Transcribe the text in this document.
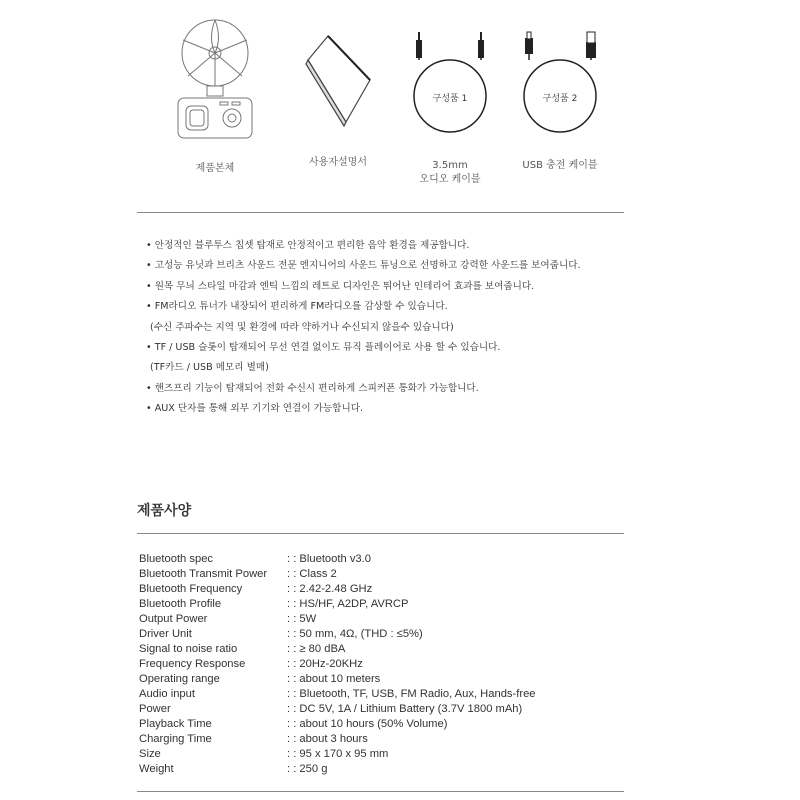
제품본체
사용자설명서
구성품 1
3.5mm
오디오 케이블
구성품 2
USB 충전 케이블
• 안정적인 블루투스 칩셋 탑재로 안정적이고 편리한 음악 환경을 제공합니다.
• 고성능 유닛과 브리츠 사운드 전문 엔지니어의 사운드 튜닝으로 선명하고 강력한 사운드를 보여줍니다.
• 원목 무늬 스타일 마감과 엔틱 느낌의 레트로 디자인은 뛰어난 인테리어 효과를 보여줍니다.
• FM라디오 튜너가 내장되어 편리하게 FM라디오를 감상할 수 있습니다.
(수신 주파수는 지역 및 환경에 따라 약하거나 수신되지 않을수 있습니다)
• TF / USB 슬롯이 탑재되어 무선 연결 없이도 뮤직 플레이어로 사용 할 수 있습니다.
(TF카드 / USB 메모리 별매)
• 핸즈프리 기능이 탑재되어 전화 수신시 편리하게 스피커폰 통화가 가능합니다.
• AUX 단자를 통해 외부 기기와 연결이 가능합니다.
제품사양
Bluetooth spec	: : Bluetooth v3.0
Bluetooth Transmit Power : : Class 2
Bluetooth Frequency	: : 2.42-2.48 GHz
Bluetooth Profile	: : HS/HF, A2DP, AVRCP
Output Power	: : 5W
Driver Unit	: : 50 mm, 4Ω, (THD : ≤5%)
Signal to noise ratio	: : ≥ 80 dBA
Frequency Response	: : 20Hz-20KHz
Operating range	: : about 10 meters
Audio input	: : Bluetooth, TF, USB, FM Radio, Aux, Hands-free
Power	: : DC 5V, 1A / Lithium Battery (3.7V 1800 mAh)
Playback Time	: : about 10 hours (50% Volume)
Charging Time	: : about 3 hours
Size	: : 95 x 170 x 95 mm
Weight	: : 250 g
